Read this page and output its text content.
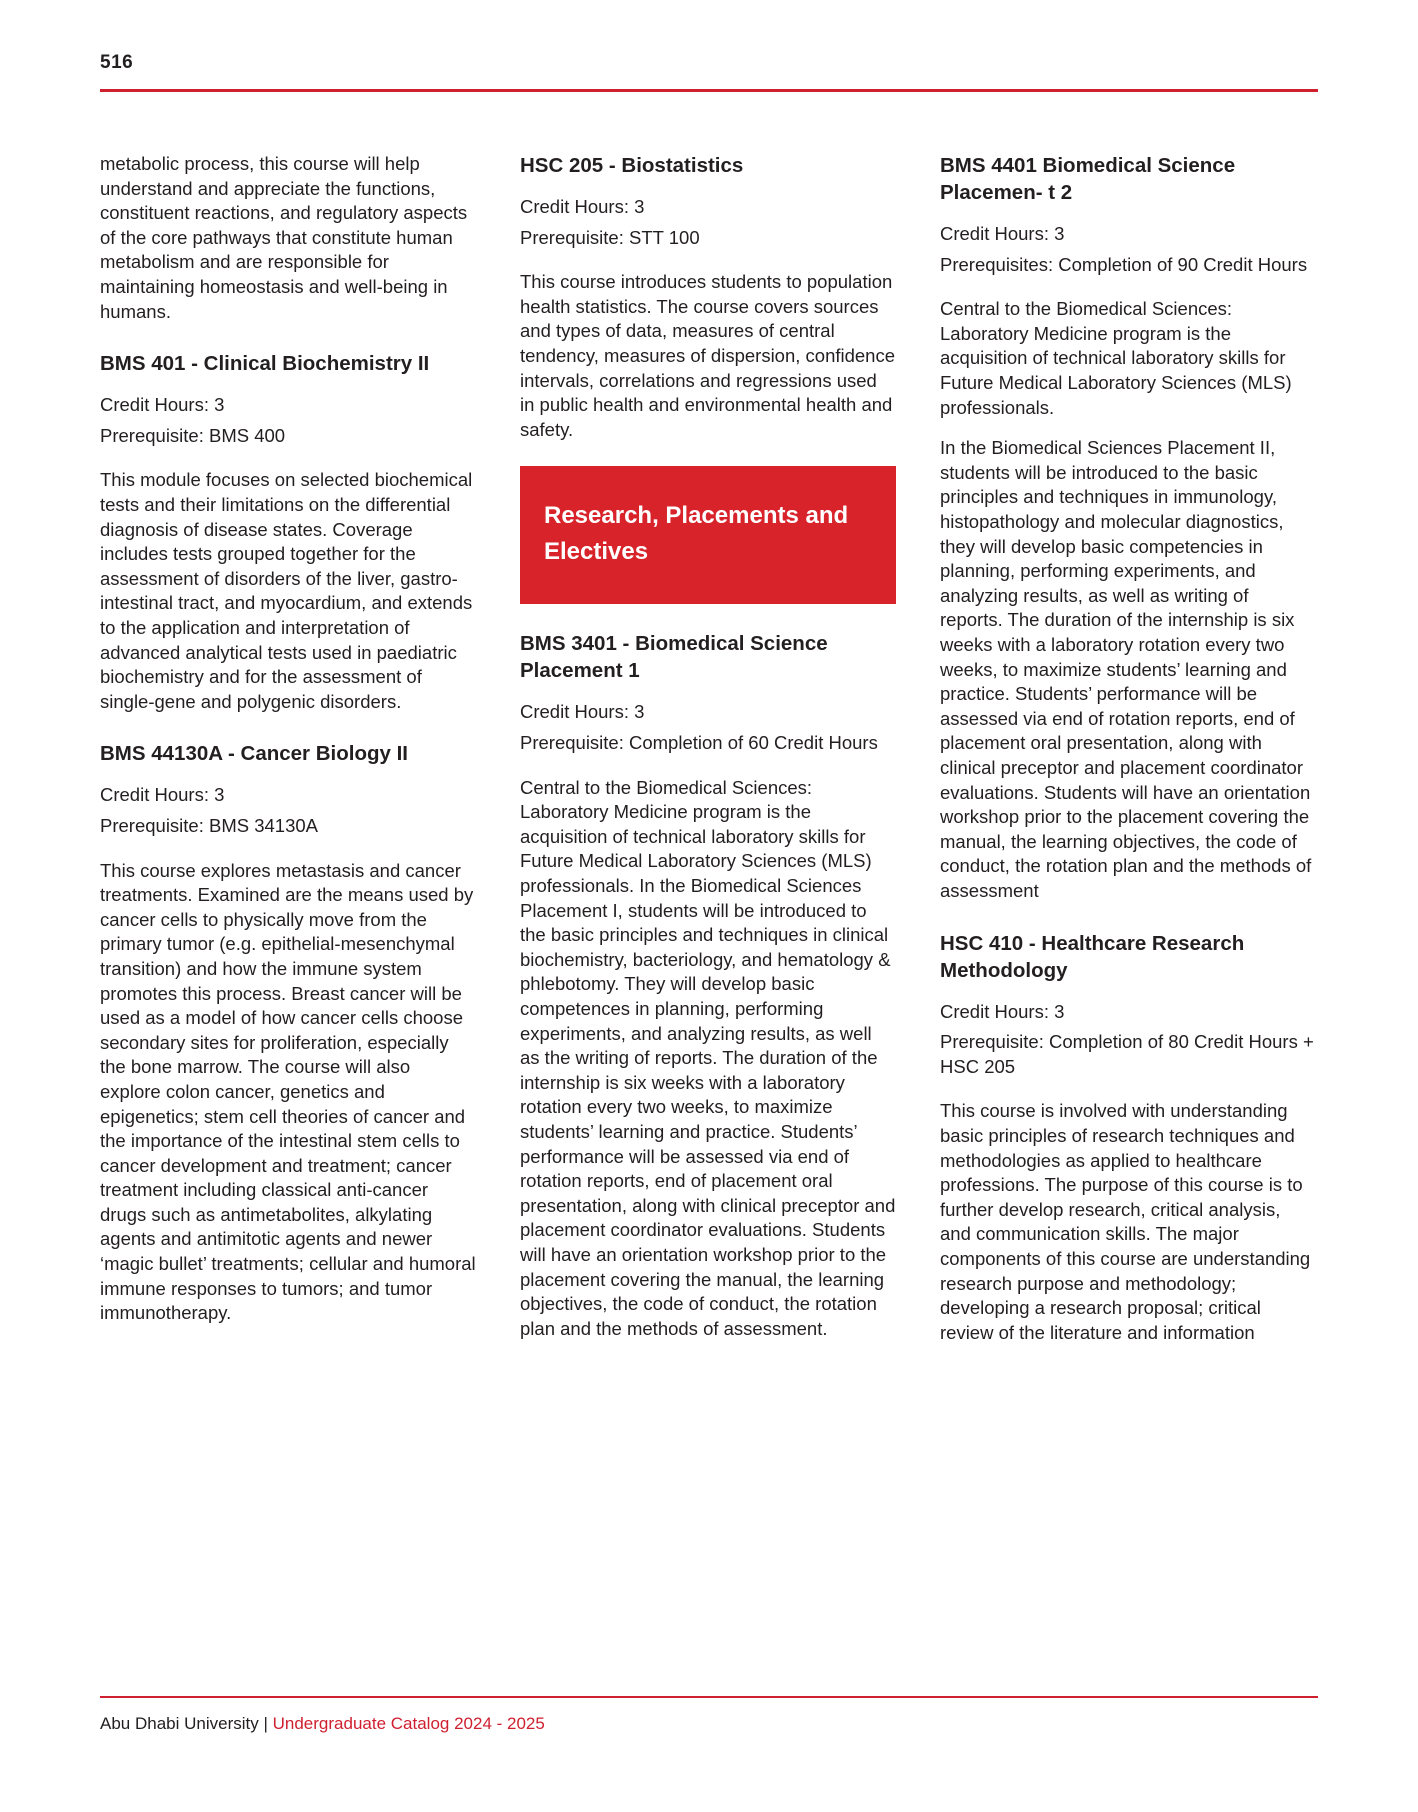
516

metabolic process, this course will help understand and appreciate the functions, constituent reactions, and regulatory aspects of the core pathways that constitute human metabolism and are responsible for maintaining homeostasis and well-being in humans.

BMS 401 - Clinical Biochemistry II

Credit Hours: 3

Prerequisite: BMS 400

This module focuses on selected biochemical tests and their limitations on the differential diagnosis of disease states. Coverage includes tests grouped together for the assessment of disorders of the liver, gastro-intestinal tract, and myocardium, and extends to the application and interpretation of advanced analytical tests used in paediatric biochemistry and for the assessment of single-gene and polygenic disorders.

BMS 44130A - Cancer Biology II

Credit Hours: 3

Prerequisite: BMS 34130A

This course explores metastasis and cancer treatments. Examined are the means used by cancer cells to physically move from the primary tumor (e.g. epithelial-mesenchymal transition) and how the immune system promotes this process. Breast cancer will be used as a model of how cancer cells choose secondary sites for proliferation, especially the bone marrow. The course will also explore colon cancer, genetics and epigenetics; stem cell theories of cancer and the importance of the intestinal stem cells to cancer development and treatment; cancer treatment including classical anti-cancer drugs such as antimetabolites, alkylating agents and antimitotic agents and newer ‘magic bullet’ treatments; cellular and humoral immune responses to tumors; and tumor immunotherapy.

HSC 205 - Biostatistics

Credit Hours: 3

Prerequisite: STT 100

This course introduces students to population health statistics. The course covers sources and types of data, measures of central tendency, measures of dispersion, confidence intervals, correlations and regressions used in public health and environmental health and safety.

Research, Placements and Electives
BMS 3401 - Biomedical Science Placement 1

Credit Hours: 3

Prerequisite: Completion of 60 Credit Hours

Central to the Biomedical Sciences: Laboratory Medicine program is the acquisition of technical laboratory skills for Future Medical Laboratory Sciences (MLS) professionals. In the Biomedical Sciences Placement I, students will be introduced to the basic principles and techniques in clinical biochemistry, bacteriology, and hematology & phlebotomy. They will develop basic competences in planning, performing experiments, and analyzing results, as well as the writing of reports. The duration of the internship is six weeks with a laboratory rotation every two weeks, to maximize students’ learning and practice. Students’ performance will be assessed via end of rotation reports, end of placement oral presentation, along with clinical preceptor and placement coordinator evaluations. Students will have an orientation workshop prior to the placement covering the manual, the learning objectives, the code of conduct, the rotation plan and the methods of assessment.

BMS 4401 Biomedical Science Placemen- t 2

Credit Hours: 3

Prerequisites: Completion of 90 Credit Hours

Central to the Biomedical Sciences: Laboratory Medicine program is the acquisition of technical laboratory skills for Future Medical Laboratory Sciences (MLS) professionals.

In the Biomedical Sciences Placement II, students will be introduced to the basic principles and techniques in immunology, histopathology and molecular diagnostics, they will develop basic competencies in planning, performing experiments, and analyzing results, as well as writing of reports. The duration of the internship is six weeks with a laboratory rotation every two weeks, to maximize students’ learning and practice. Students’ performance will be assessed via end of rotation reports, end of placement oral presentation, along with clinical preceptor and placement coordinator evaluations. Students will have an orientation workshop prior to the placement covering the manual, the learning objectives, the code of conduct, the rotation plan and the methods of assessment

HSC 410 - Healthcare Research Methodology

Credit Hours: 3

Prerequisite: Completion of 80 Credit Hours + HSC 205

This course is involved with understanding basic principles of research techniques and methodologies as applied to healthcare professions. The purpose of this course is to further develop research, critical analysis, and communication skills. The major components of this course are understanding research purpose and methodology; developing a research proposal; critical review of the literature and information

Abu Dhabi University | Undergraduate Catalog 2024 - 2025
